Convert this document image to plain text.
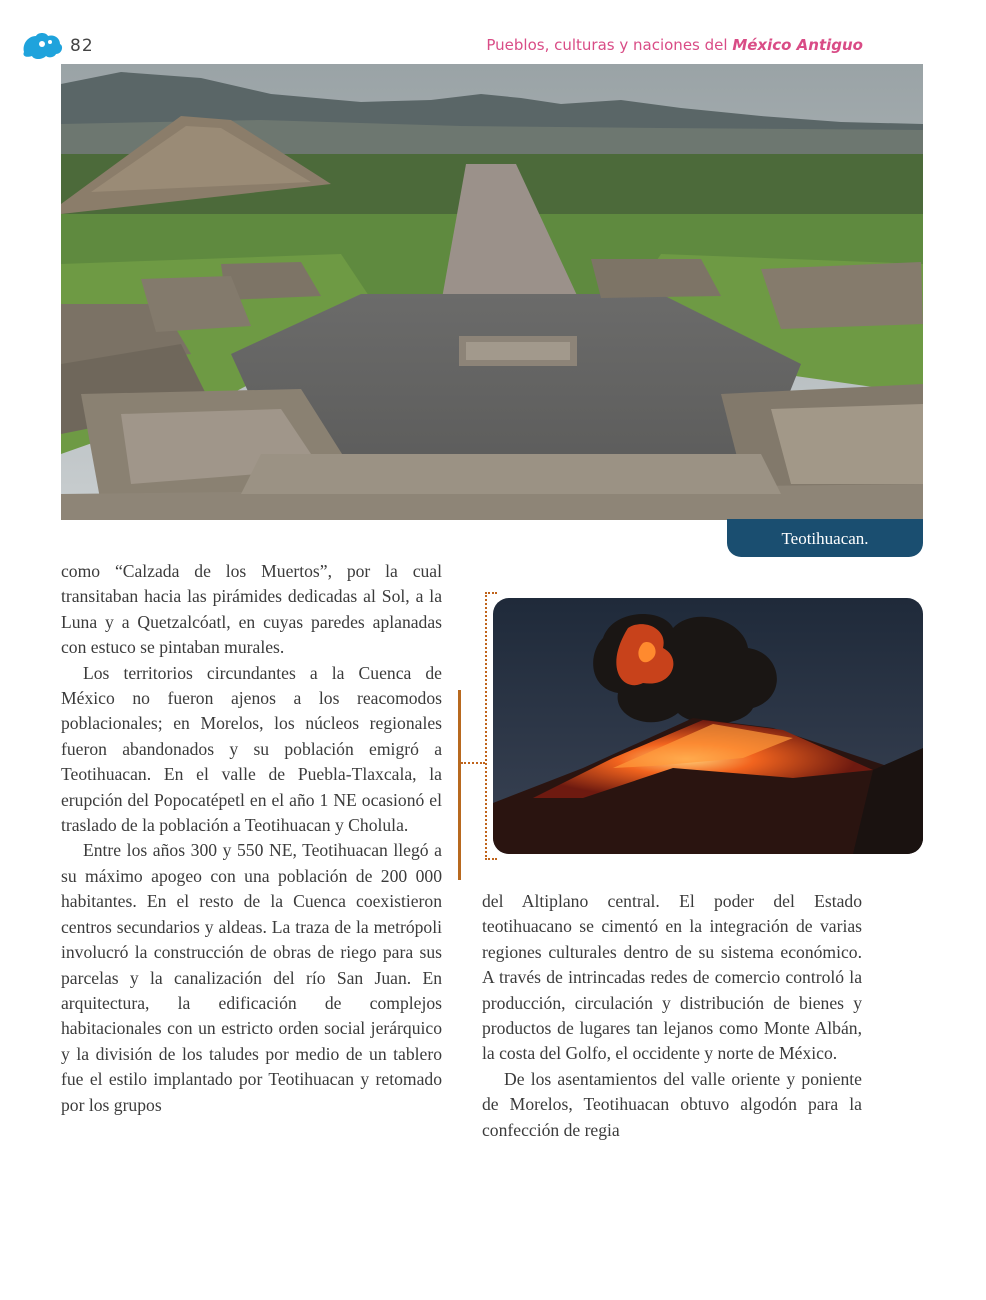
82	Pueblos, culturas y naciones del México Antiguo
Teotihuacan.

como “Calzada de los Muertos”, por la cual transitaban hacia las pirámides dedicadas al Sol, a la Luna y a Quetzalcóatl, en cuyas paredes aplanadas con estuco se pintaban murales.

Los territorios circundantes a la Cuenca de México no fueron ajenos a los reacomodos poblacionales; en Morelos, los núcleos regionales fueron abandonados y su población emigró a Teotihuacan. En el valle de Puebla-Tlaxcala, la erupción del Popocatépetl en el año 1 NE ocasionó el traslado de la población a Teotihuacan y Cholula.

Entre los años 300 y 550 NE, Teotihuacan llegó a su máximo apogeo con una población de 200 000 habitantes. En el resto de la Cuenca coexistieron centros secundarios y aldeas. La traza de la metrópoli involucró la construcción de obras de riego para sus parcelas y la canalización del río San Juan. En arquitectura, la edificación de complejos habitacionales con un estricto orden social jerárquico y la división de los taludes por medio de un tablero fue el estilo implantado por Teotihuacan y retomado por los grupos

del Altiplano central. El poder del Estado teotihuacano se cimentó en la integración de varias regiones culturales dentro de su sistema económico. A través de intrincadas redes de comercio controló la producción, circulación y distribución de bienes y productos de lugares tan lejanos como Monte Albán, la costa del Golfo, el occidente y norte de México.

De los asentamientos del valle oriente y poniente de Morelos, Teotihuacan obtuvo algodón para la confección de regia
